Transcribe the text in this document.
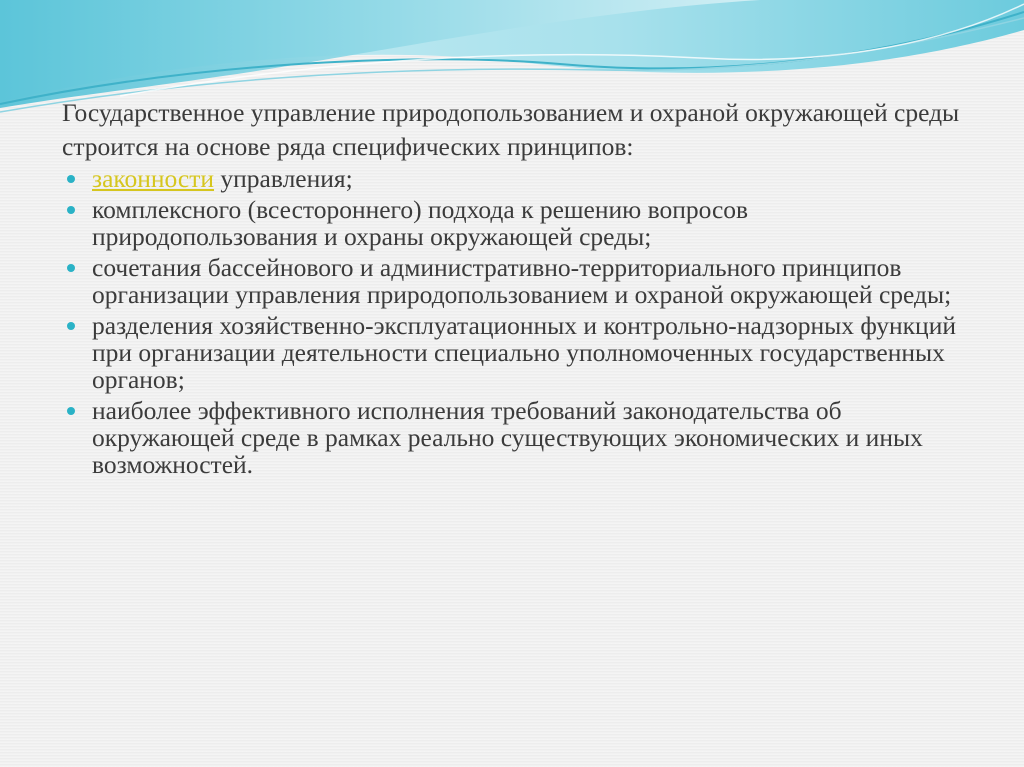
Государственное управление природопользованием и охраной окружающей среды строится на основе ряда специфических принципов:

законности управления;
комплексного (всестороннего) подхода к решению вопросов природопользования и охраны окружающей среды;
сочетания бассейнового и административно-территориального принципов организации управления природопользованием и охраной окружающей среды;
разделения хозяйственно-эксплуатационных и контрольно-надзорных функций при организации деятельности специально уполномоченных государственных органов;
наиболее эффективного исполнения требований законодательства об окружающей среде в рамках реально существующих экономических и иных возможностей.
